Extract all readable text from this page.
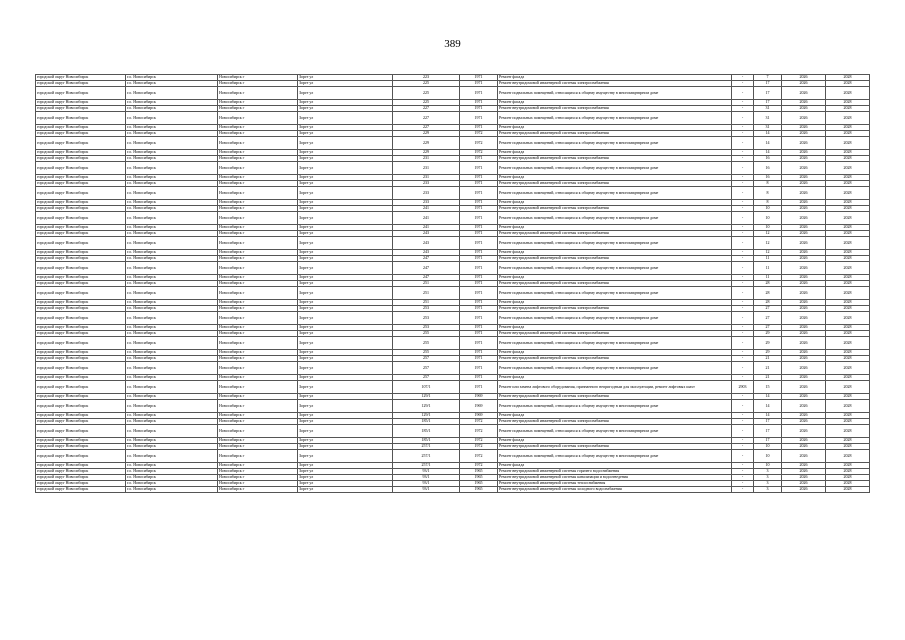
389
городской округ Новосибирск	г.о. Новосибирск	Новосибирск г	Зорге ул	223	1971	Ремонт фасада	-	7	2026	2028
городской округ Новосибирск	г.о. Новосибирск	Новосибирск г	Зорге ул	225	1971	Ремонт внутридомовой инженерной системы электроснабжения	-	17	2026	2028
городской округ Новосибирск	г.о. Новосибирск	Новосибирск г	Зорге ул	225	1971	Ремонт подвальных помещений, относящихся к общему имуществу в многоквартирном доме	-	17	2026	2028
городской округ Новосибирск	г.о. Новосибирск	Новосибирск г	Зорге ул	225	1971	Ремонт фасада	-	17	2026	2028
городской округ Новосибирск	г.о. Новосибирск	Новосибирск г	Зорге ул	227	1971	Ремонт внутридомовой инженерной системы электроснабжения	-	31	2026	2028
городской округ Новосибирск	г.о. Новосибирск	Новосибирск г	Зорге ул	227	1971	Ремонт подвальных помещений, относящихся к общему имуществу в многоквартирном доме	-	31	2026	2028
городской округ Новосибирск	г.о. Новосибирск	Новосибирск г	Зорге ул	227	1971	Ремонт фасада	-	31	2026	2028
городской округ Новосибирск	г.о. Новосибирск	Новосибирск г	Зорге ул	229	1972	Ремонт внутридомовой инженерной системы электроснабжения	-	14	2026	2028
городской округ Новосибирск	г.о. Новосибирск	Новосибирск г	Зорге ул	229	1972	Ремонт подвальных помещений, относящихся к общему имуществу в многоквартирном доме	-	14	2026	2028
городской округ Новосибирск	г.о. Новосибирск	Новосибирск г	Зорге ул	229	1972	Ремонт фасада	-	14	2026	2028
городской округ Новосибирск	г.о. Новосибирск	Новосибирск г	Зорге ул	231	1971	Ремонт внутридомовой инженерной системы электроснабжения	-	16	2026	2028
городской округ Новосибирск	г.о. Новосибирск	Новосибирск г	Зорге ул	231	1971	Ремонт подвальных помещений, относящихся к общему имуществу в многоквартирном доме	-	16	2026	2028
городской округ Новосибирск	г.о. Новосибирск	Новосибирск г	Зорге ул	231	1971	Ремонт фасада	-	16	2026	2028
городской округ Новосибирск	г.о. Новосибирск	Новосибирск г	Зорге ул	233	1971	Ремонт внутридомовой инженерной системы электроснабжения	-	8	2026	2028
городской округ Новосибирск	г.о. Новосибирск	Новосибирск г	Зорге ул	233	1971	Ремонт подвальных помещений, относящихся к общему имуществу в многоквартирном доме	-	8	2026	2028
городской округ Новосибирск	г.о. Новосибирск	Новосибирск г	Зорге ул	233	1971	Ремонт фасада	-	8	2026	2028
городской округ Новосибирск	г.о. Новосибирск	Новосибирск г	Зорге ул	241	1971	Ремонт внутридомовой инженерной системы электроснабжения	-	10	2026	2028
городской округ Новосибирск	г.о. Новосибирск	Новосибирск г	Зорге ул	241	1971	Ремонт подвальных помещений, относящихся к общему имуществу в многоквартирном доме	-	10	2026	2028
городской округ Новосибирск	г.о. Новосибирск	Новосибирск г	Зорге ул	241	1971	Ремонт фасада	-	10	2026	2028
городской округ Новосибирск	г.о. Новосибирск	Новосибирск г	Зорге ул	243	1971	Ремонт внутридомовой инженерной системы электроснабжения	-	12	2026	2028
городской округ Новосибирск	г.о. Новосибирск	Новосибирск г	Зорге ул	243	1971	Ремонт подвальных помещений, относящихся к общему имуществу в многоквартирном доме	-	12	2026	2028
городской округ Новосибирск	г.о. Новосибирск	Новосибирск г	Зорге ул	243	1971	Ремонт фасада	-	12	2026	2028
городской округ Новосибирск	г.о. Новосибирск	Новосибирск г	Зорге ул	247	1971	Ремонт внутридомовой инженерной системы электроснабжения	-	11	2026	2028
городской округ Новосибирск	г.о. Новосибирск	Новосибирск г	Зорге ул	247	1971	Ремонт подвальных помещений, относящихся к общему имуществу в многоквартирном доме	-	11	2026	2028
городской округ Новосибирск	г.о. Новосибирск	Новосибирск г	Зорге ул	247	1971	Ремонт фасада	-	11	2026	2028
городской округ Новосибирск	г.о. Новосибирск	Новосибирск г	Зорге ул	251	1971	Ремонт внутридомовой инженерной системы электроснабжения	-	28	2026	2028
городской округ Новосибирск	г.о. Новосибирск	Новосибирск г	Зорге ул	251	1971	Ремонт подвальных помещений, относящихся к общему имуществу в многоквартирном доме	-	28	2026	2028
городской округ Новосибирск	г.о. Новосибирск	Новосибирск г	Зорге ул	251	1971	Ремонт фасада	-	28	2026	2028
городской округ Новосибирск	г.о. Новосибирск	Новосибирск г	Зорге ул	253	1971	Ремонт внутридомовой инженерной системы электроснабжения	-	27	2026	2028
городской округ Новосибирск	г.о. Новосибирск	Новосибирск г	Зорге ул	253	1971	Ремонт подвальных помещений, относящихся к общему имуществу в многоквартирном доме	-	27	2026	2028
городской округ Новосибирск	г.о. Новосибирск	Новосибирск г	Зорге ул	253	1971	Ремонт фасада	-	27	2026	2028
городской округ Новосибирск	г.о. Новосибирск	Новосибирск г	Зорге ул	255	1971	Ремонт внутридомовой инженерной системы электроснабжения	-	29	2026	2028
городской округ Новосибирск	г.о. Новосибирск	Новосибирск г	Зорге ул	255	1971	Ремонт подвальных помещений, относящихся к общему имуществу в многоквартирном доме	-	29	2026	2028
городской округ Новосибирск	г.о. Новосибирск	Новосибирск г	Зорге ул	255	1971	Ремонт фасада	-	29	2026	2028
городской округ Новосибирск	г.о. Новосибирск	Новосибирск г	Зорге ул	257	1971	Ремонт внутридомовой инженерной системы электроснабжения	-	21	2026	2028
городской округ Новосибирск	г.о. Новосибирск	Новосибирск г	Зорге ул	257	1971	Ремонт подвальных помещений, относящихся к общему имуществу в многоквартирном доме	-	21	2026	2028
городской округ Новосибирск	г.о. Новосибирск	Новосибирск г	Зорге ул	257	1971	Ремонт фасада	-	21	2026	2028
городской округ Новосибирск	г.о. Новосибирск	Новосибирск г	Зорге ул	107/1	1971	Ремонт или замена лифтового оборудования, признанного непригодным для эксплуатации, ремонт лифтовых шахт	2903	15	2026	2028
городской округ Новосибирск	г.о. Новосибирск	Новосибирск г	Зорге ул	129/1	1969	Ремонт внутридомовой инженерной системы электроснабжения	-	14	2026	2028
городской округ Новосибирск	г.о. Новосибирск	Новосибирск г	Зорге ул	129/1	1969	Ремонт подвальных помещений, относящихся к общему имуществу в многоквартирном доме	-	14	2026	2028
городской округ Новосибирск	г.о. Новосибирск	Новосибирск г	Зорге ул	129/1	1969	Ремонт фасада	-	14	2026	2028
городской округ Новосибирск	г.о. Новосибирск	Новосибирск г	Зорге ул	185/1	1972	Ремонт внутридомовой инженерной системы электроснабжения	-	17	2026	2028
городской округ Новосибирск	г.о. Новосибирск	Новосибирск г	Зорге ул	185/1	1972	Ремонт подвальных помещений, относящихся к общему имуществу в многоквартирном доме	-	17	2026	2028
городской округ Новосибирск	г.о. Новосибирск	Новосибирск г	Зорге ул	185/1	1972	Ремонт фасада	-	17	2026	2028
городской округ Новосибирск	г.о. Новосибирск	Новосибирск г	Зорге ул	257/1	1972	Ремонт внутридомовой инженерной системы электроснабжения	-	10	2026	2028
городской округ Новосибирск	г.о. Новосибирск	Новосибирск г	Зорге ул	257/1	1972	Ремонт подвальных помещений, относящихся к общему имуществу в многоквартирном доме	-	10	2026	2028
городской округ Новосибирск	г.о. Новосибирск	Новосибирск г	Зорге ул	257/1	1972	Ремонт фасада	-	10	2026	2028
городской округ Новосибирск	г.о. Новосибирск	Новосибирск г	Зорге ул	93/1	1965	Ремонт внутридомовой инженерной системы горячего водоснабжения	-	3	2026	2028
городской округ Новосибирск	г.о. Новосибирск	Новосибирск г	Зорге ул	93/1	1965	Ремонт внутридомовой инженерной системы канализации и водоотведения	-	3	2026	2028
городской округ Новосибирск	г.о. Новосибирск	Новосибирск г	Зорге ул	93/1	1965	Ремонт внутридомовой инженерной системы теплоснабжения	-	3	2026	2028
городской округ Новосибирск	г.о. Новосибирск	Новосибирск г	Зорге ул	93/1	1965	Ремонт внутридомовой инженерной системы холодного водоснабжения	-	3	2026	2028
